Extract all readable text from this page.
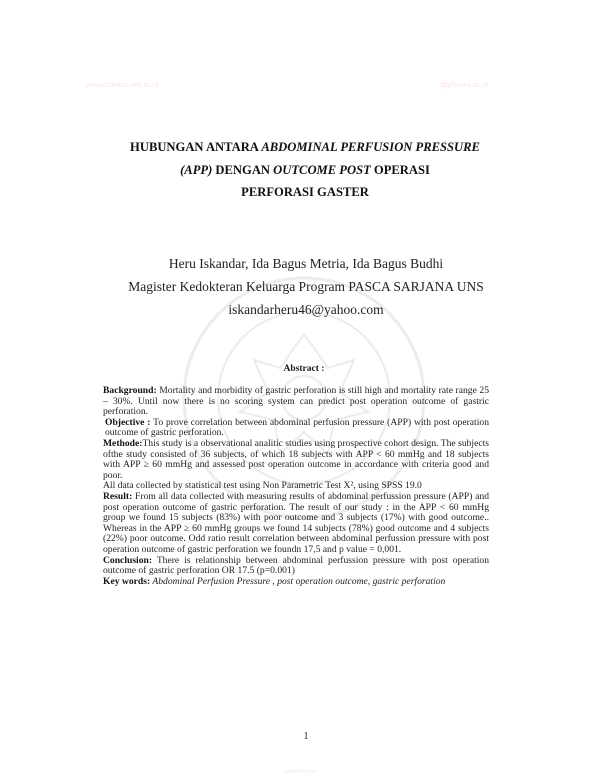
perpustakaan.uns.ac.id	digilib.uns.ac.id
HUBUNGAN ANTARA ABDOMINAL PERFUSION PRESSURE
(APP) DENGAN OUTCOME POST OPERASI
PERFORASI GASTER
Heru Iskandar, Ida Bagus Metria, Ida Bagus Budhi
Magister Kedokteran Keluarga Program PASCA SARJANA UNS
iskandarheru46@yahoo.com
Abstract :

Background: Mortality and morbidity of gastric perforation is still high and mortality rate range 25 – 30%. Until now there is no scoring system can predict post operation outcome of gastric perforation.

Objective : To prove correlation between abdominal perfusion pressure (APP) with post operation outcome of gastric perforation.

Methode:This study is a observational analitic studies using prospective cohort design. The subjects ofthe study consisted of 36 subjects, of which 18 subjects with APP < 60 mmHg and 18 subjects with APP ≥ 60 mmHg and assessed post operation outcome in accordance with criteria good and poor.

All data collected by statistical test using Non Parametric Test X², using SPSS 19.0

Result: From all data collected with measuring results of abdominal perfussion pressure (APP) and post operation outcome of gastric perforation. The result of our study : in the APP < 60 mmHg group we found 15 subjects (83%) with poor outcome and 3 subjects (17%) with good outcome.. Whereas in the APP ≥ 60 mmHg groups we found 14 subjects (78%) good outcome and 4 subjects (22%) poor outcome. Odd ratio result correlation between abdominal perfussion pressure with post operation outcome of gastric perforation we foundn 17,5 and p value = 0,001.

Conclusion: There is relationship between abdominal perfussion pressure with post operation outcome of gastric perforation OR 17.5 (p=0.001)

Key words: Abdominal Perfusion Pressure , post operation outcome, gastric perforation

1
commit to user
